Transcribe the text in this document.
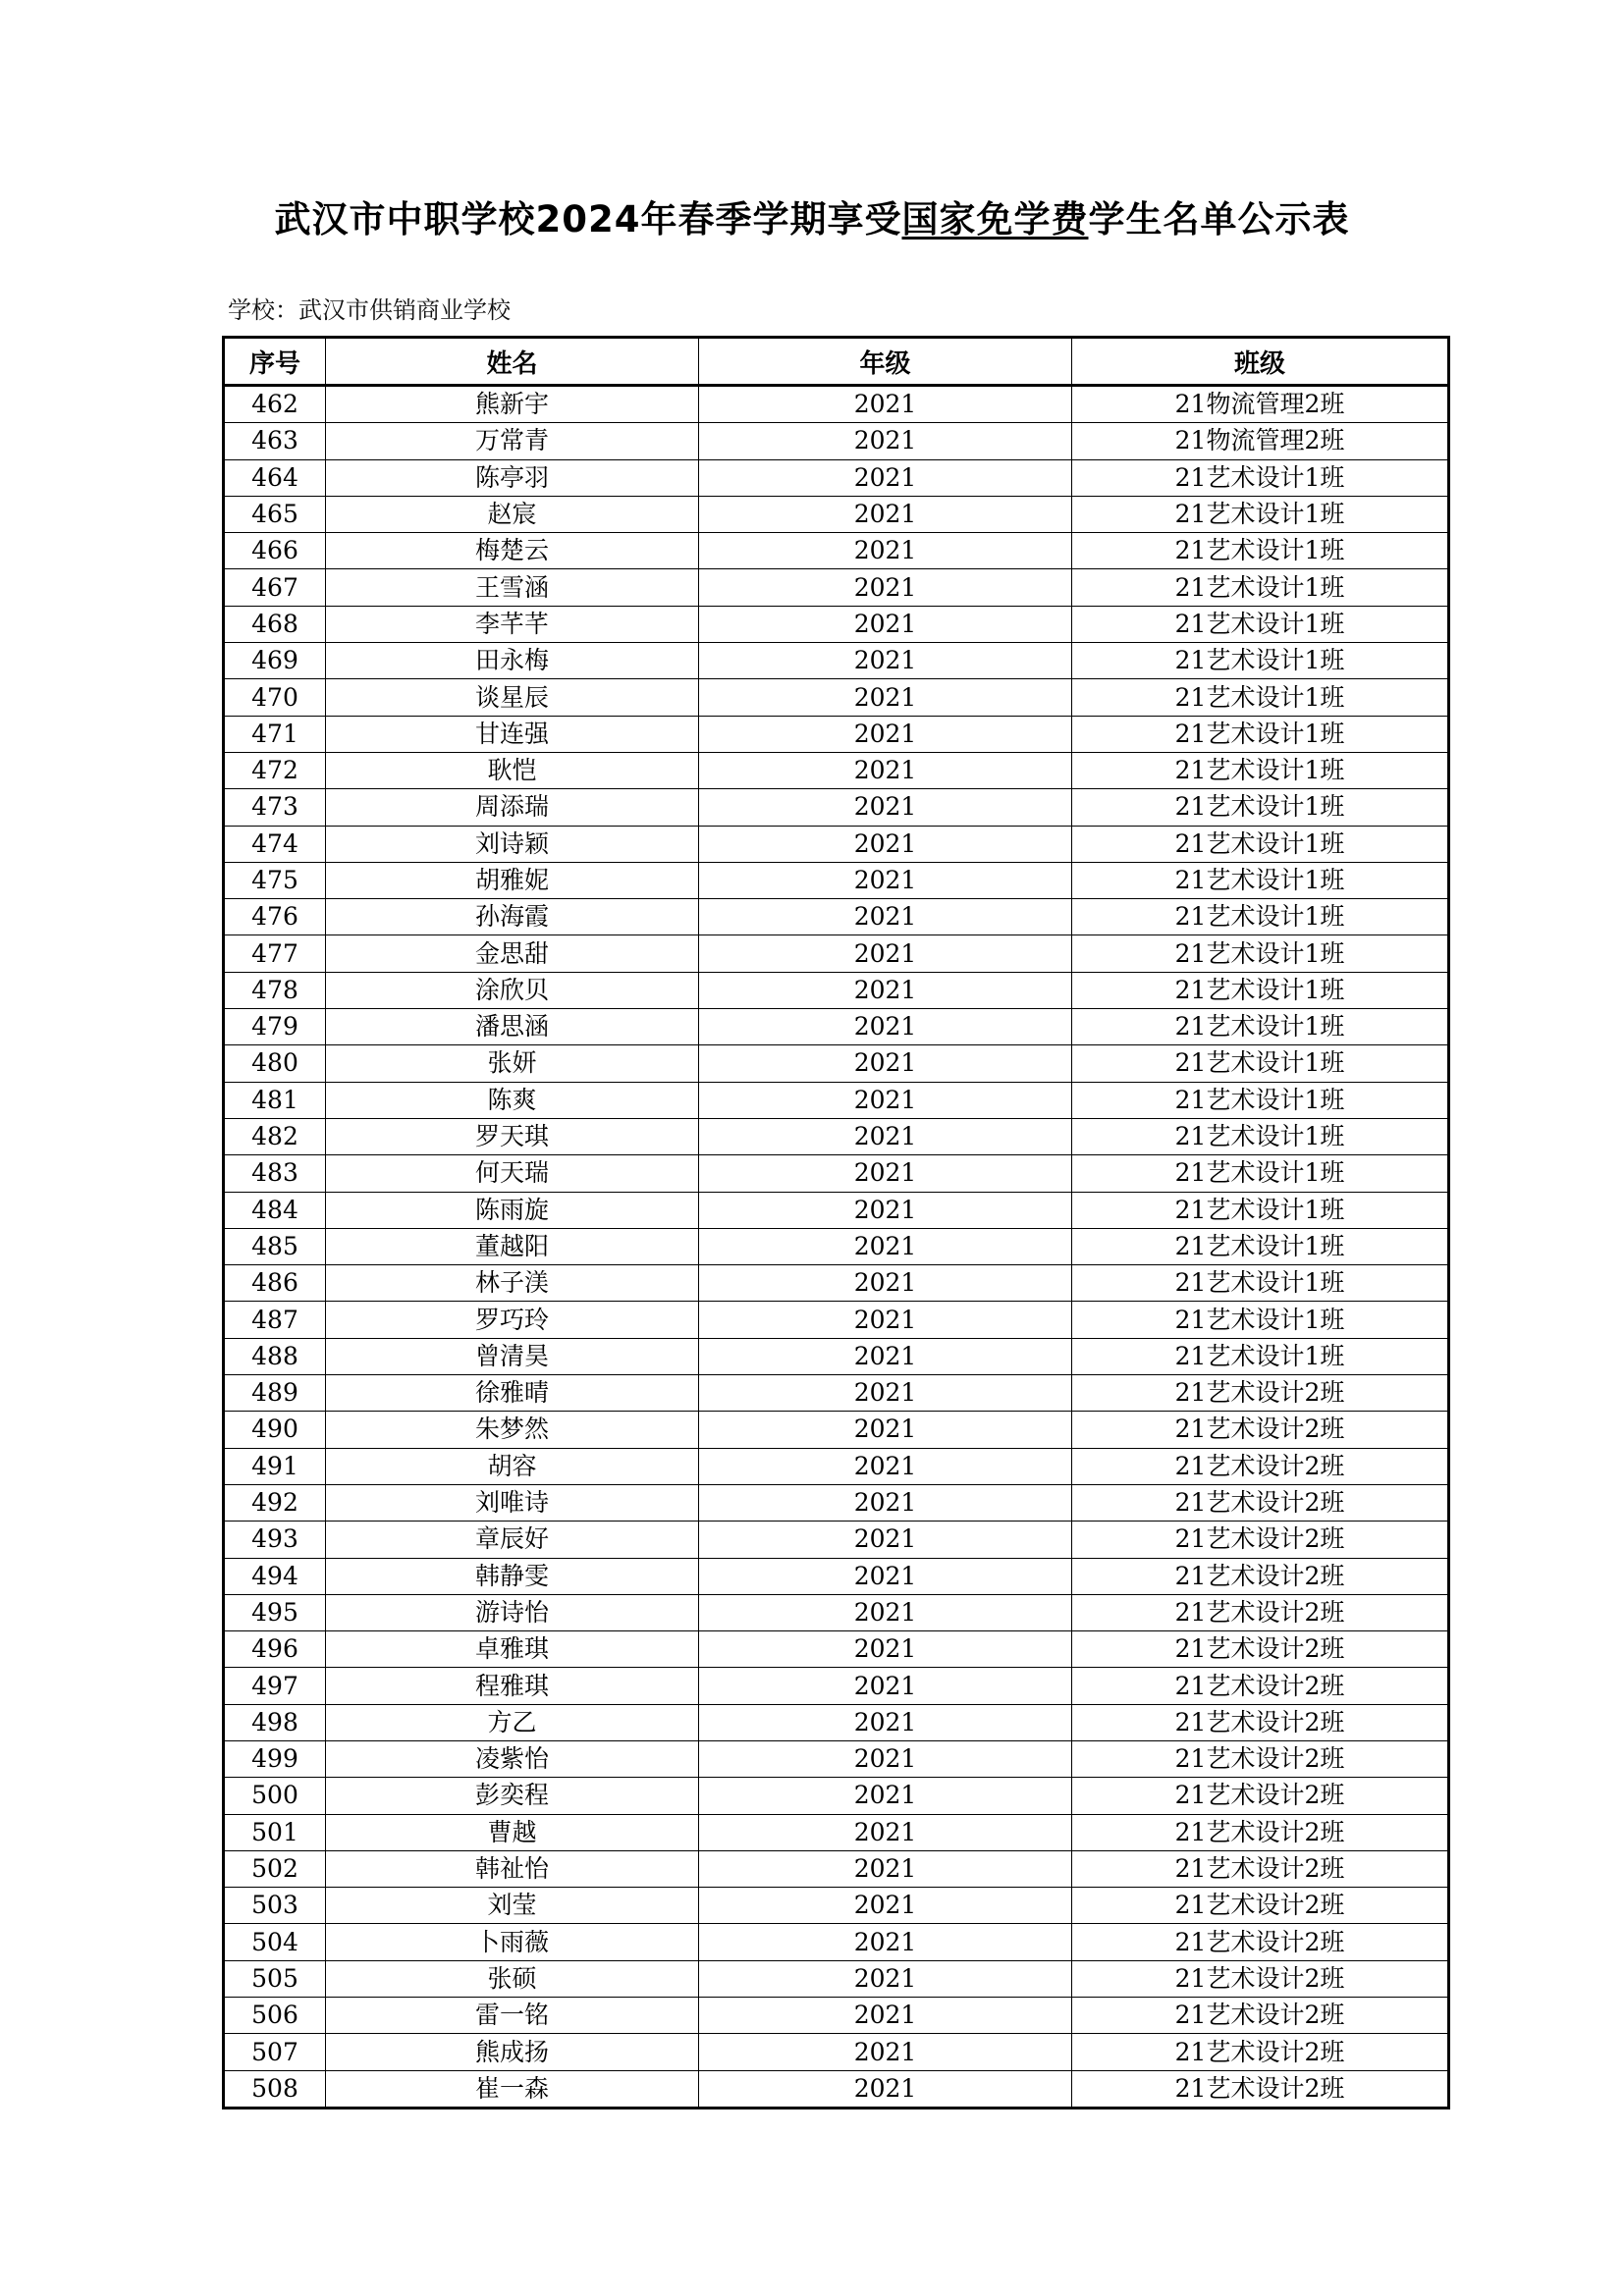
武汉市中职学校2024年春季学期享受国家免学费学生名单公示表
学校：武汉市供销商业学校
序号	姓名	年级	班级
462	熊新宇	2021	21物流管理2班
463	万常青	2021	21物流管理2班
464	陈亭羽	2021	21艺术设计1班
465	赵宸	2021	21艺术设计1班
466	梅楚云	2021	21艺术设计1班
467	王雪涵	2021	21艺术设计1班
468	李芊芊	2021	21艺术设计1班
469	田永梅	2021	21艺术设计1班
470	谈星辰	2021	21艺术设计1班
471	甘连强	2021	21艺术设计1班
472	耿恺	2021	21艺术设计1班
473	周添瑞	2021	21艺术设计1班
474	刘诗颖	2021	21艺术设计1班
475	胡雅妮	2021	21艺术设计1班
476	孙海霞	2021	21艺术设计1班
477	金思甜	2021	21艺术设计1班
478	涂欣贝	2021	21艺术设计1班
479	潘思涵	2021	21艺术设计1班
480	张妍	2021	21艺术设计1班
481	陈爽	2021	21艺术设计1班
482	罗天琪	2021	21艺术设计1班
483	何天瑞	2021	21艺术设计1班
484	陈雨旋	2021	21艺术设计1班
485	董越阳	2021	21艺术设计1班
486	林子渼	2021	21艺术设计1班
487	罗巧玲	2021	21艺术设计1班
488	曾清昊	2021	21艺术设计1班
489	徐雅晴	2021	21艺术设计2班
490	朱梦然	2021	21艺术设计2班
491	胡容	2021	21艺术设计2班
492	刘唯诗	2021	21艺术设计2班
493	章辰好	2021	21艺术设计2班
494	韩静雯	2021	21艺术设计2班
495	游诗怡	2021	21艺术设计2班
496	卓雅琪	2021	21艺术设计2班
497	程雅琪	2021	21艺术设计2班
498	方乙	2021	21艺术设计2班
499	凌紫怡	2021	21艺术设计2班
500	彭奕程	2021	21艺术设计2班
501	曹越	2021	21艺术设计2班
502	韩祉怡	2021	21艺术设计2班
503	刘莹	2021	21艺术设计2班
504	卜雨薇	2021	21艺术设计2班
505	张硕	2021	21艺术设计2班
506	雷一铭	2021	21艺术设计2班
507	熊成扬	2021	21艺术设计2班
508	崔一森	2021	21艺术设计2班
